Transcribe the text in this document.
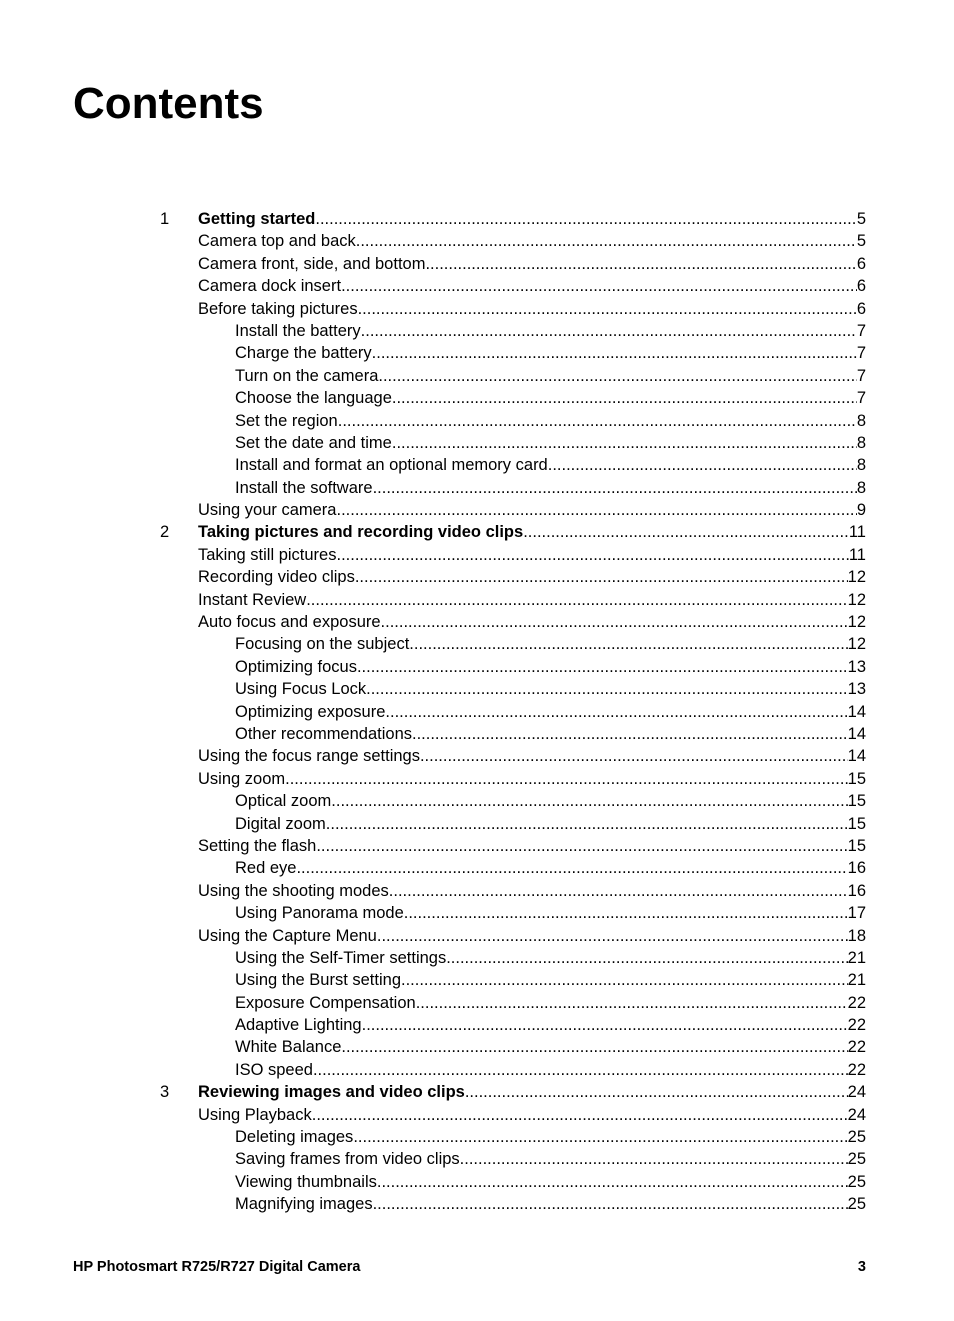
Contents
1	Getting started .....	5
Camera top and back .....	5
Camera front, side, and bottom .....	6
Camera dock insert .....	6
Before taking pictures .....	6
Install the battery .....	7
Charge the battery .....	7
Turn on the camera .....	7
Choose the language .....	7
Set the region .....	8
Set the date and time .....	8
Install and format an optional memory card .....	8
Install the software .....	8
Using your camera .....	9
2	Taking pictures and recording video clips .....	11
Taking still pictures .....	11
Recording video clips .....	12
Instant Review .....	12
Auto focus and exposure .....	12
Focusing on the subject .....	12
Optimizing focus .....	13
Using Focus Lock .....	13
Optimizing exposure .....	14
Other recommendations .....	14
Using the focus range settings .....	14
Using zoom .....	15
Optical zoom .....	15
Digital zoom .....	15
Setting the flash .....	15
Red eye .....	16
Using the shooting modes .....	16
Using Panorama mode .....	17
Using the Capture Menu .....	18
Using the Self-Timer settings .....	21
Using the Burst setting .....	21
Exposure Compensation .....	22
Adaptive Lighting .....	22
White Balance .....	22
ISO speed .....	22
3	Reviewing images and video clips .....	24
Using Playback .....	24
Deleting images .....	25
Saving frames from video clips .....	25
Viewing thumbnails .....	25
Magnifying images .....	25
HP Photosmart R725/R727 Digital Camera	3
